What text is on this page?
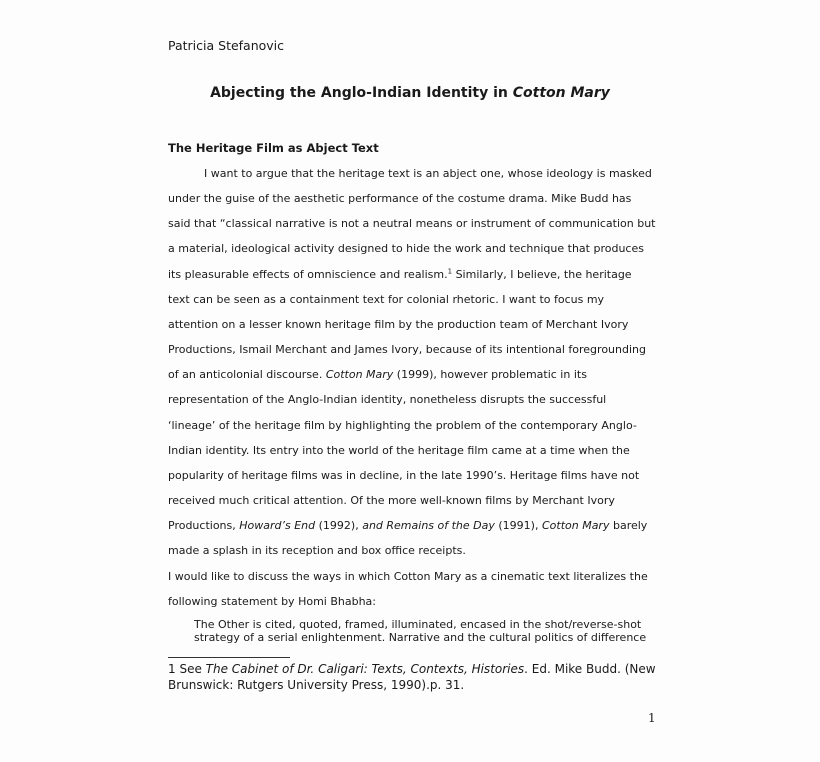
Patricia Stefanovic
Abjecting the Anglo-Indian Identity in Cotton Mary
The Heritage Film as Abject Text

I want to argue that the heritage text is an abject one, whose ideology is masked under the guise of the aesthetic performance of the costume drama. Mike Budd has said that “classical narrative is not a neutral means or instrument of communication but a material, ideological activity designed to hide the work and technique that produces its pleasurable effects of omniscience and realism.$^1$ Similarly, I believe, the heritage text can be seen as a containment text for colonial rhetoric. I want to focus my attention on a lesser known heritage film by the production team of Merchant Ivory Productions, Ismail Merchant and James Ivory, because of its intentional foregrounding of an anticolonial discourse. Cotton Mary (1999), however problematic in its representation of the Anglo-Indian identity, nonetheless disrupts the successful ‘lineage’ of the heritage film by highlighting the problem of the contemporary Anglo-Indian identity. Its entry into the world of the heritage film came at a time when the popularity of heritage films was in decline, in the late 1990’s. Heritage films have not received much critical attention. Of the more well-known films by Merchant Ivory Productions, Howard’s End (1992), and Remains of the Day (1991), Cotton Mary barely made a splash in its reception and box office receipts.

I would like to discuss the ways in which Cotton Mary as a cinematic text literalizes the following statement by Homi Bhabha:

The Other is cited, quoted, framed, illuminated, encased in the shot/reverse-shot

strategy of a serial enlightenment. Narrative and the cultural politics of difference

1 See The Cabinet of Dr. Caligari: Texts, Contexts, Histories. Ed. Mike Budd. (New

Brunswick: Rutgers University Press, 1990).p. 31.

1
